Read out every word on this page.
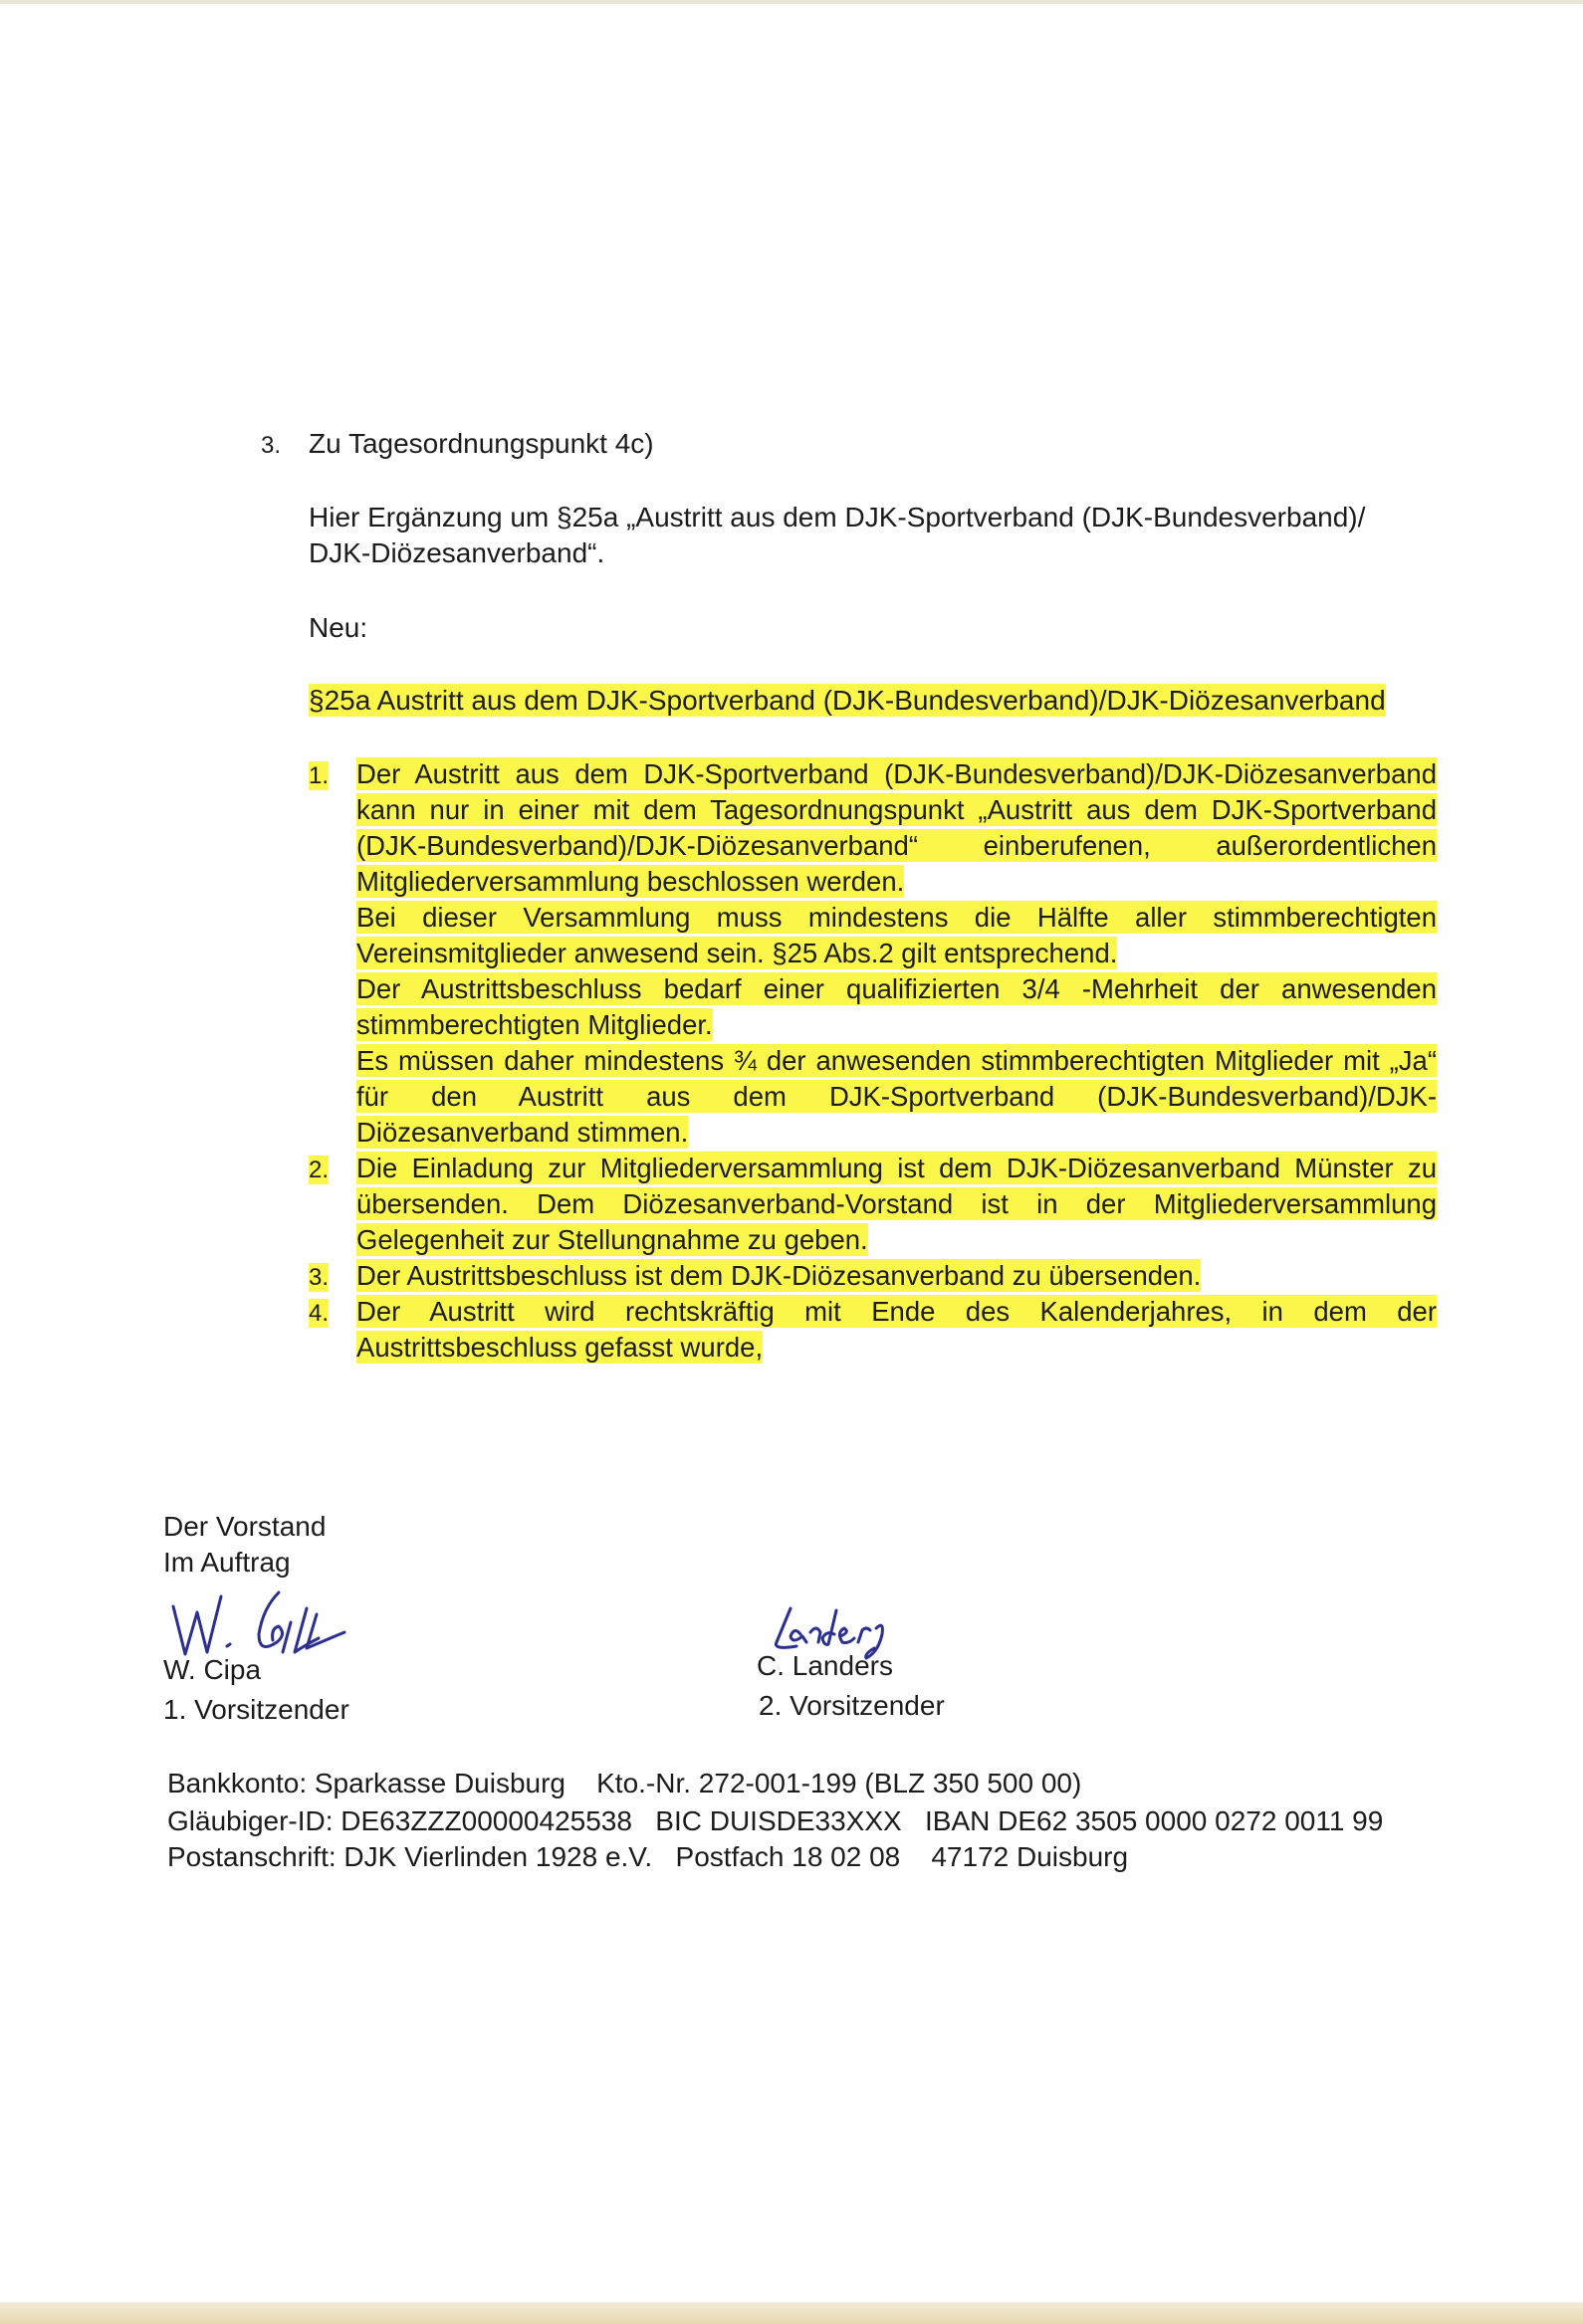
3. Zu Tagesordnungspunkt 4c)
Hier Ergänzung um §25a „Austritt aus dem DJK-Sportverband (DJK-Bundesverband)/
DJK-Diözesanverband“.
Neu:
§25a Austritt aus dem DJK-Sportverband (DJK-Bundesverband)/DJK-Diözesanverband
1. Der Austritt aus dem DJK-Sportverband (DJK-Bundesverband)/DJK-Diözesanverband kann nur in einer mit dem Tagesordnungspunkt „Austritt aus dem DJK-Sportverband (DJK-Bundesverband)/DJK-Diözesanverband“ einberufenen, außerordentlichen Mitgliederversammlung beschlossen werden.

Bei dieser Versammlung muss mindestens die Hälfte aller stimmberechtigten Vereinsmitglieder anwesend sein. §25 Abs.2 gilt entsprechend.

Der Austrittsbeschluss bedarf einer qualifizierten 3/4 -Mehrheit der anwesenden stimmberechtigten Mitglieder.

Es müssen daher mindestens ¾ der anwesenden stimmberechtigten Mitglieder mit „Ja“ für den Austritt aus dem DJK-Sportverband (DJK-Bundesverband)/DJK-Diözesanverband stimmen.

2. Die Einladung zur Mitgliederversammlung ist dem DJK-Diözesanverband Münster zu übersenden. Dem Diözesanverband-Vorstand ist in der Mitgliederversammlung Gelegenheit zur Stellungnahme zu geben.

3. Der Austrittsbeschluss ist dem DJK-Diözesanverband zu übersenden.

4. Der Austritt wird rechtskräftig mit Ende des Kalenderjahres, in dem der Austrittsbeschluss gefasst wurde,

Der Vorstand
Im Auftrag
W. Cipa
1. Vorsitzender
C. Landers
2. Vorsitzender
Bankkonto: Sparkasse Duisburg    Kto.-Nr. 272-001-199 (BLZ 350 500 00)
Gläubiger-ID: DE63ZZZ00000425538   BIC DUISDE33XXX   IBAN DE62 3505 0000 0272 0011 99
Postanschrift: DJK Vierlinden 1928 e.V.   Postfach 18 02 08    47172 Duisburg
